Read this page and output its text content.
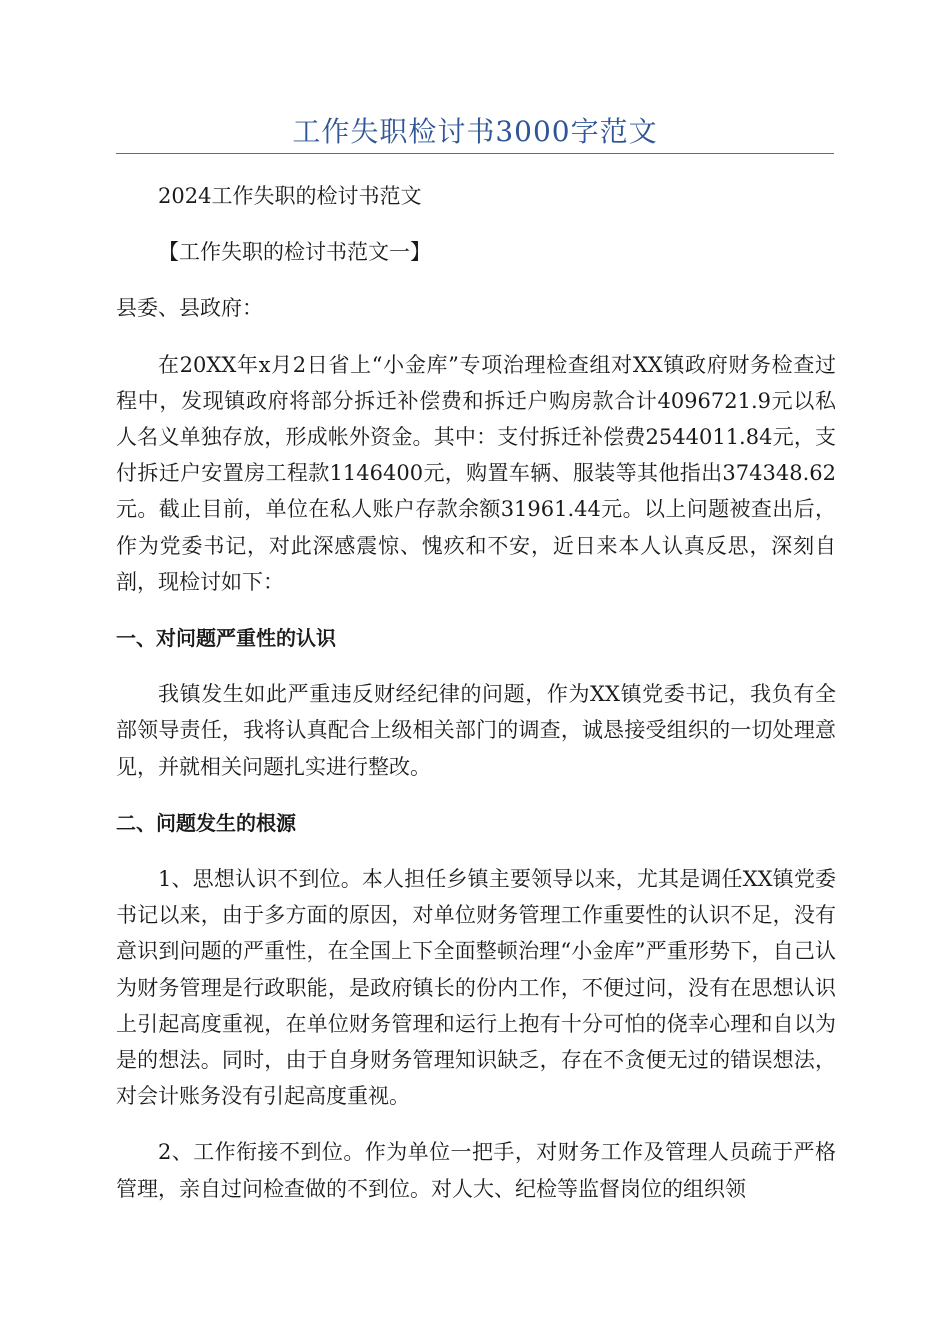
工作失职检讨书3000字范文

2024工作失职的检讨书范文

【工作失职的检讨书范文一】

县委、县政府：

在20XX年x月2日省上“小金库”专项治理检查组对XX镇政府财务检查过程中，发现镇政府将部分拆迁补偿费和拆迁户购房款合计4096721.9元以私人名义单独存放，形成帐外资金。其中：支付拆迁补偿费2544011.84元，支付拆迁户安置房工程款1146400元，购置车辆、服装等其他指出374348.62元。截止目前，单位在私人账户存款余额31961.44元。以上问题被查出后，作为党委书记，对此深感震惊、愧疚和不安，近日来本人认真反思，深刻自剖，现检讨如下：

一、对问题严重性的认识

我镇发生如此严重违反财经纪律的问题，作为XX镇党委书记，我负有全部领导责任，我将认真配合上级相关部门的调查，诚恳接受组织的一切处理意见，并就相关问题扎实进行整改。

二、问题发生的根源

1、思想认识不到位。本人担任乡镇主要领导以来，尤其是调任XX镇党委书记以来，由于多方面的原因，对单位财务管理工作重要性的认识不足，没有意识到问题的严重性，在全国上下全面整顿治理“小金库”严重形势下，自己认为财务管理是行政职能，是政府镇长的份内工作，不便过问，没有在思想认识上引起高度重视，在单位财务管理和运行上抱有十分可怕的侥幸心理和自以为是的想法。同时，由于自身财务管理知识缺乏，存在不贪便无过的错误想法，对会计账务没有引起高度重视。

2、工作衔接不到位。作为单位一把手，对财务工作及管理人员疏于严格管理，亲自过问检查做的不到位。对人大、纪检等监督岗位的组织领
